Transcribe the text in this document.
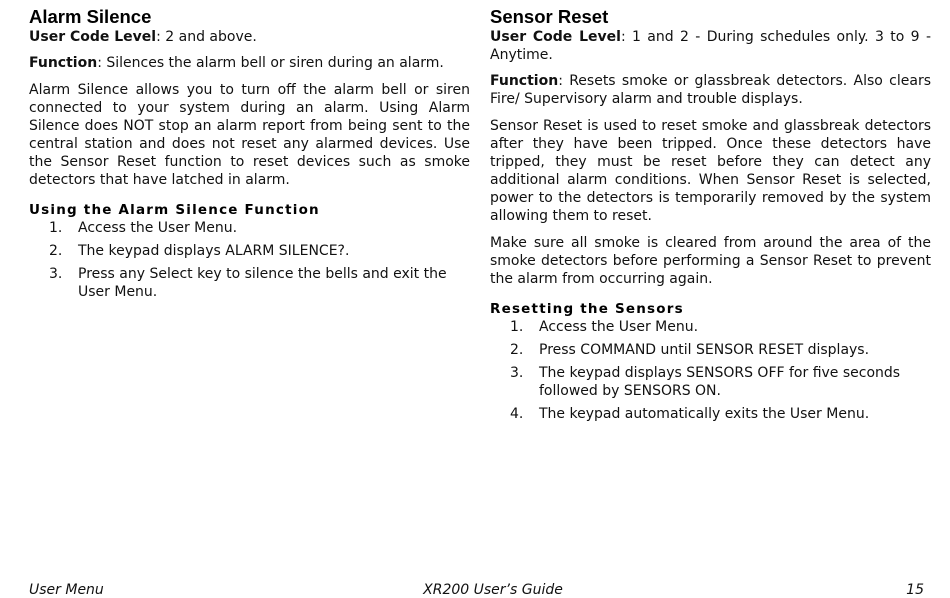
Alarm Silence

User Code Level: 2 and above.

Function: Silences the alarm bell or siren during an alarm.

Alarm Silence allows you to turn off the alarm bell or siren connected to your system during an alarm. Using Alarm Silence does NOT stop an alarm report from being sent to the central station and does not reset any alarmed devices. Use the Sensor Reset function to reset devices such as smoke detectors that have latched in alarm.

Using the Alarm Silence Function
1. Access the User Menu.
2. The keypad displays ALARM SILENCE?.
3. Press any Select key to silence the bells and exit the User Menu.
Sensor Reset

User Code Level: 1 and 2 - During schedules only. 3 to 9 - Anytime.

Function: Resets smoke or glassbreak detectors. Also clears Fire/ Supervisory alarm and trouble displays.

Sensor Reset is used to reset smoke and glassbreak detectors after they have been tripped. Once these detectors have tripped, they must be reset before they can detect any additional alarm conditions. When Sensor Reset is selected, power to the detectors is temporarily removed by the system allowing them to reset.

Make sure all smoke is cleared from around the area of the smoke detectors before performing a Sensor Reset to prevent the alarm from occurring again.

Resetting the Sensors
1. Access the User Menu.
2. Press COMMAND until SENSOR RESET displays.
3. The keypad displays SENSORS OFF for five seconds followed by SENSORS ON.
4. The keypad automatically exits the User Menu.
User Menu	XR200 User’s Guide	15
